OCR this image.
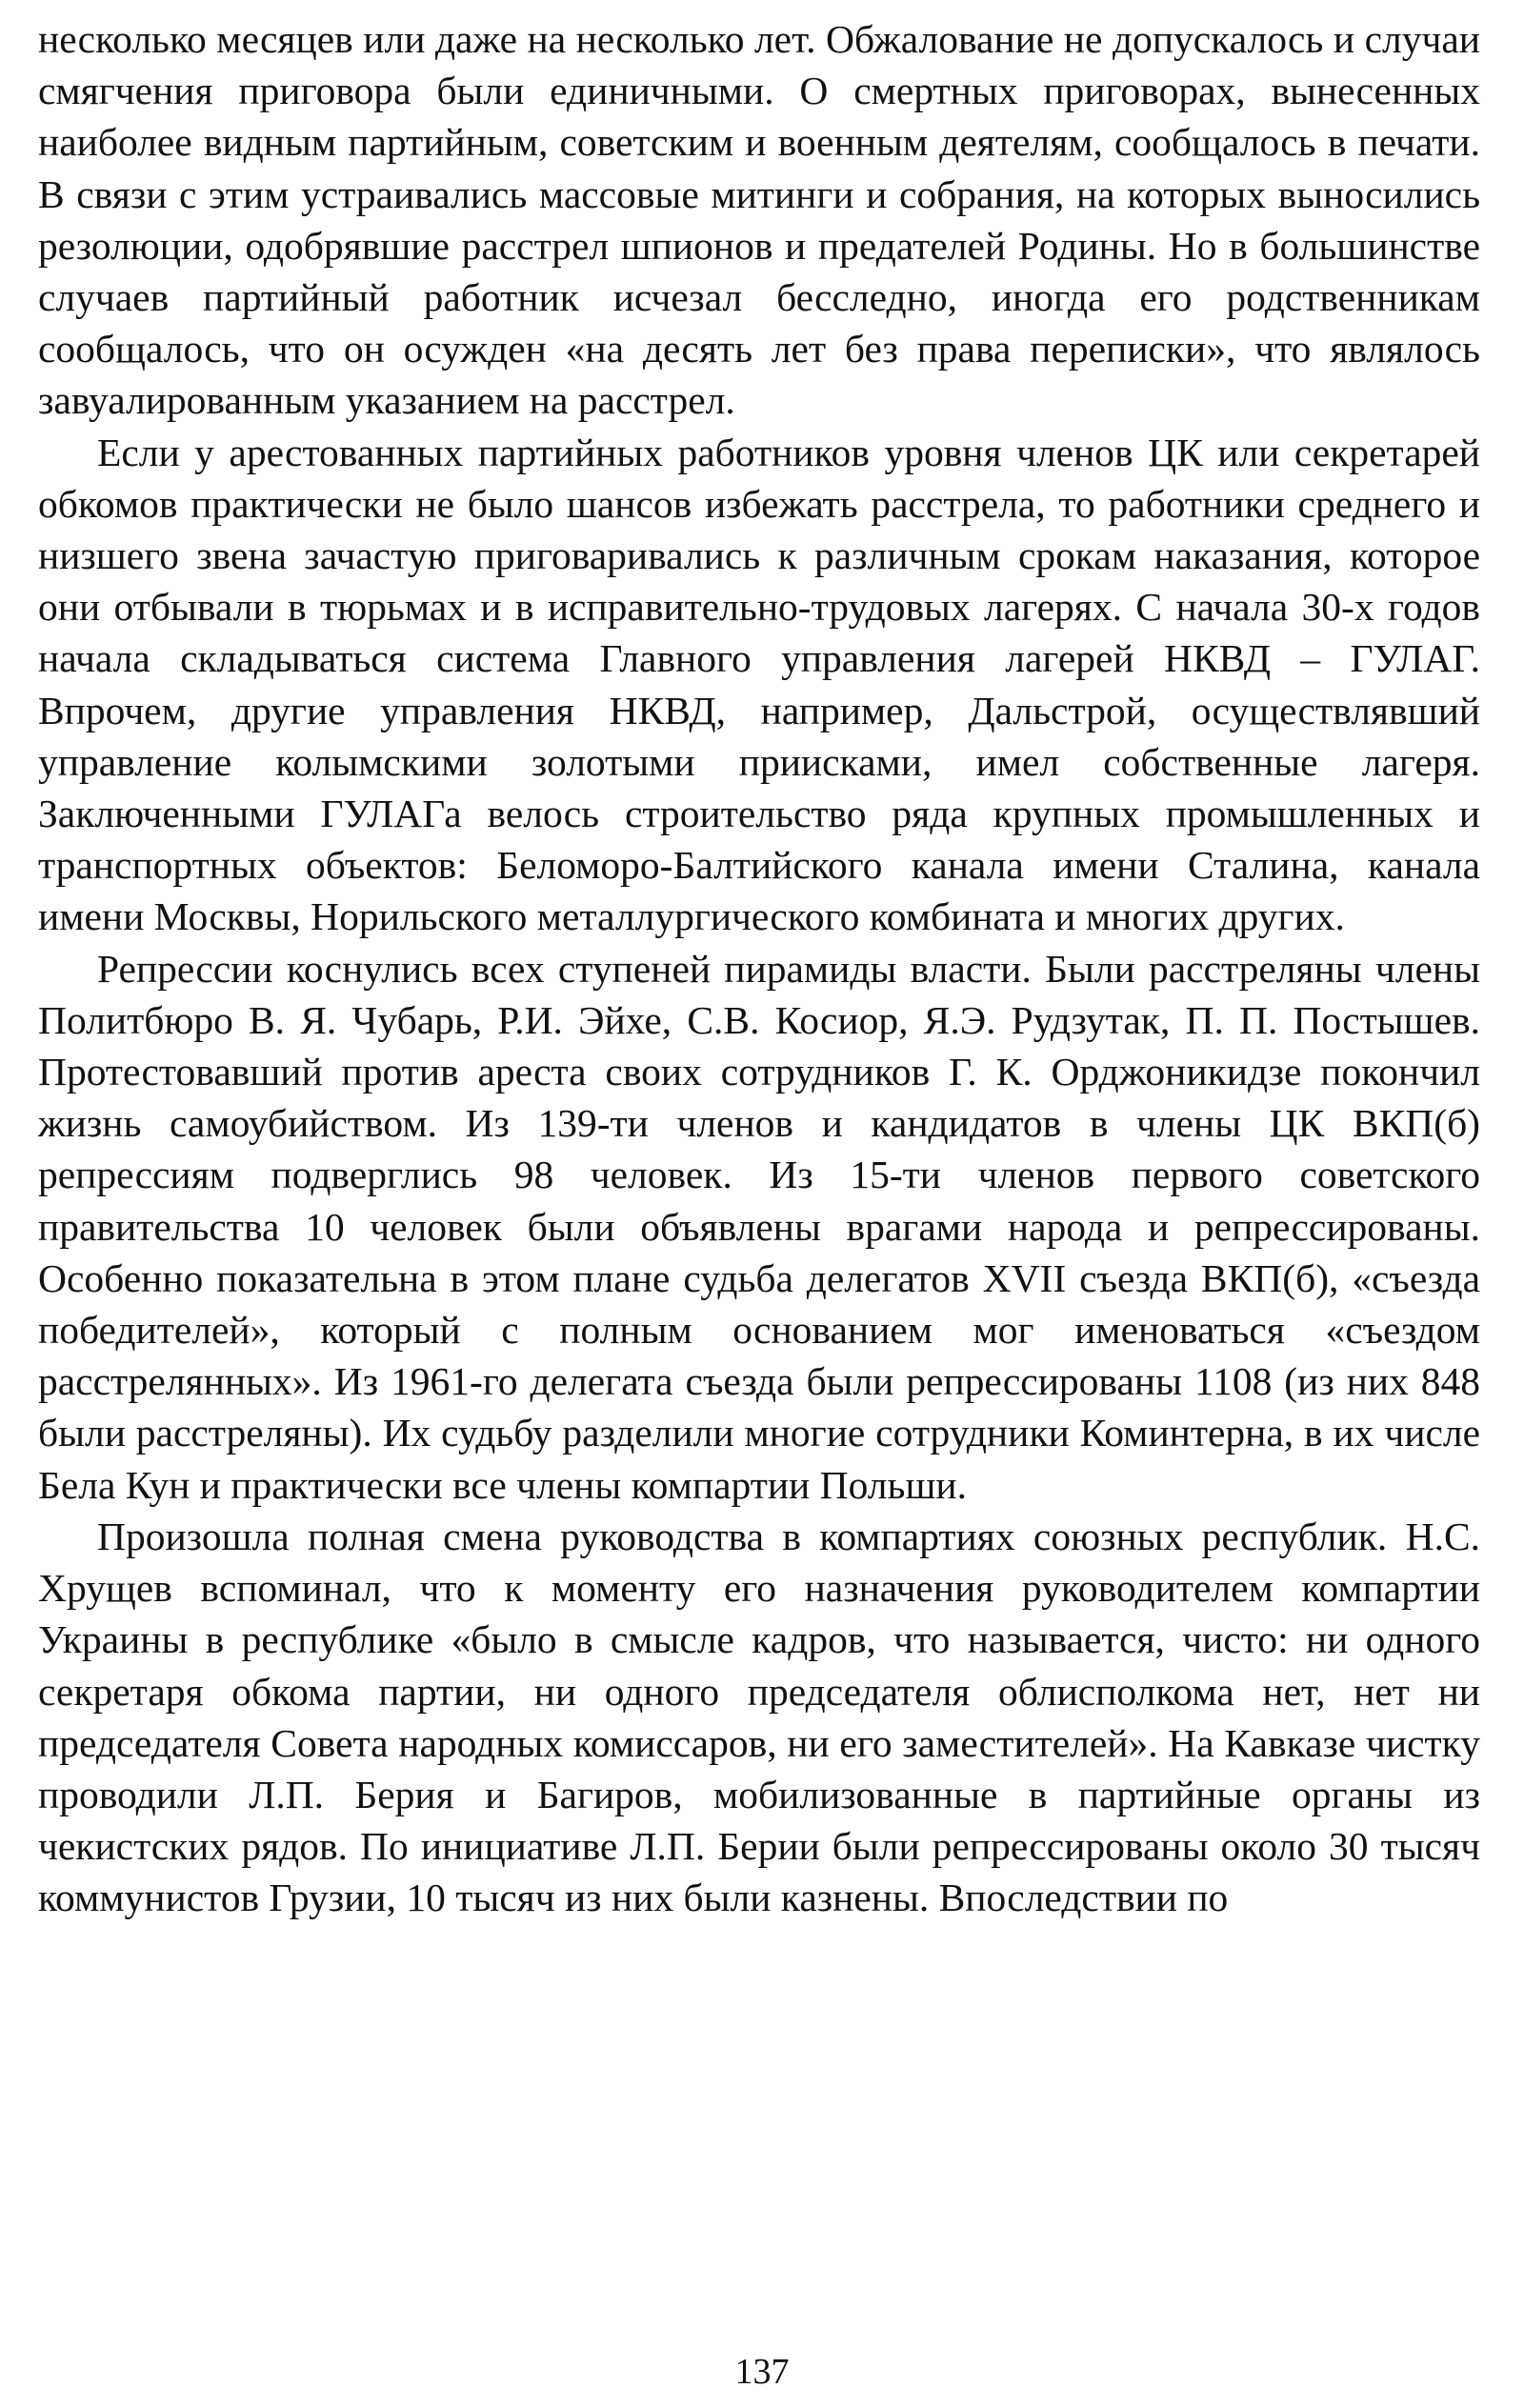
несколько месяцев или даже на несколько лет. Обжалование не допускалось и случаи смягчения приговора были единичными. О смертных приговорах, вынесенных наиболее видным партийным, советским и военным деятелям, сообщалось в печати. В связи с этим устраивались массовые митинги и собрания, на которых выносились резолюции, одобрявшие расстрел шпионов и предателей Родины. Но в большинстве случаев партийный работник исчезал бесследно, иногда его родственникам сообщалось, что он осужден «на десять лет без права переписки», что являлось завуалированным указанием на расстрел.

Если у арестованных партийных работников уровня членов ЦК или секретарей обкомов практически не было шансов избежать расстрела, то работники среднего и низшего звена зачастую приговаривались к различным срокам наказания, которое они отбывали в тюрьмах и в исправительно-трудовых лагерях. С начала 30-х годов начала складываться система Главного управления лагерей НКВД – ГУЛАГ. Впрочем, другие управления НКВД, например, Дальстрой, осуществлявший управление колымскими золотыми приисками, имел собственные лагеря. Заключенными ГУЛАГа велось строительство ряда крупных промышленных и транспортных объектов: Беломоро-Балтийского канала имени Сталина, канала имени Москвы, Норильского металлургического комбината и многих других.

Репрессии коснулись всех ступеней пирамиды власти. Были расстреляны члены Политбюро В. Я. Чубарь, Р.И. Эйхе, С.В. Косиор, Я.Э. Рудзутак, П. П. Постышев. Протестовавший против ареста своих сотрудников Г. К. Орджоникидзе покончил жизнь самоубийством. Из 139-ти членов и кандидатов в члены ЦК ВКП(б) репрессиям подверглись 98 человек. Из 15-ти членов первого советского правительства 10 человек были объявлены врагами народа и репрессированы. Особенно показательна в этом плане судьба делегатов XVII съезда ВКП(б), «съезда победителей», который с полным основанием мог именоваться «съездом расстрелянных». Из 1961-го делегата съезда были репрессированы 1108 (из них 848 были расстреляны). Их судьбу разделили многие сотрудники Коминтерна, в их числе Бела Кун и практически все члены компартии Польши.

Произошла полная смена руководства в компартиях союзных республик. Н.С. Хрущев вспоминал, что к моменту его назначения руководителем компартии Украины в республике «было в смысле кадров, что называется, чисто: ни одного секретаря обкома партии, ни одного председателя облисполкома нет, нет ни председателя Совета народных комиссаров, ни его заместителей». На Кавказе чистку проводили Л.П. Берия и Багиров, мобилизованные в партийные органы из чекистских рядов. По инициативе Л.П. Берии были репрессированы около 30 тысяч коммунистов Грузии, 10 тысяч из них были казнены. Впоследствии по

137
